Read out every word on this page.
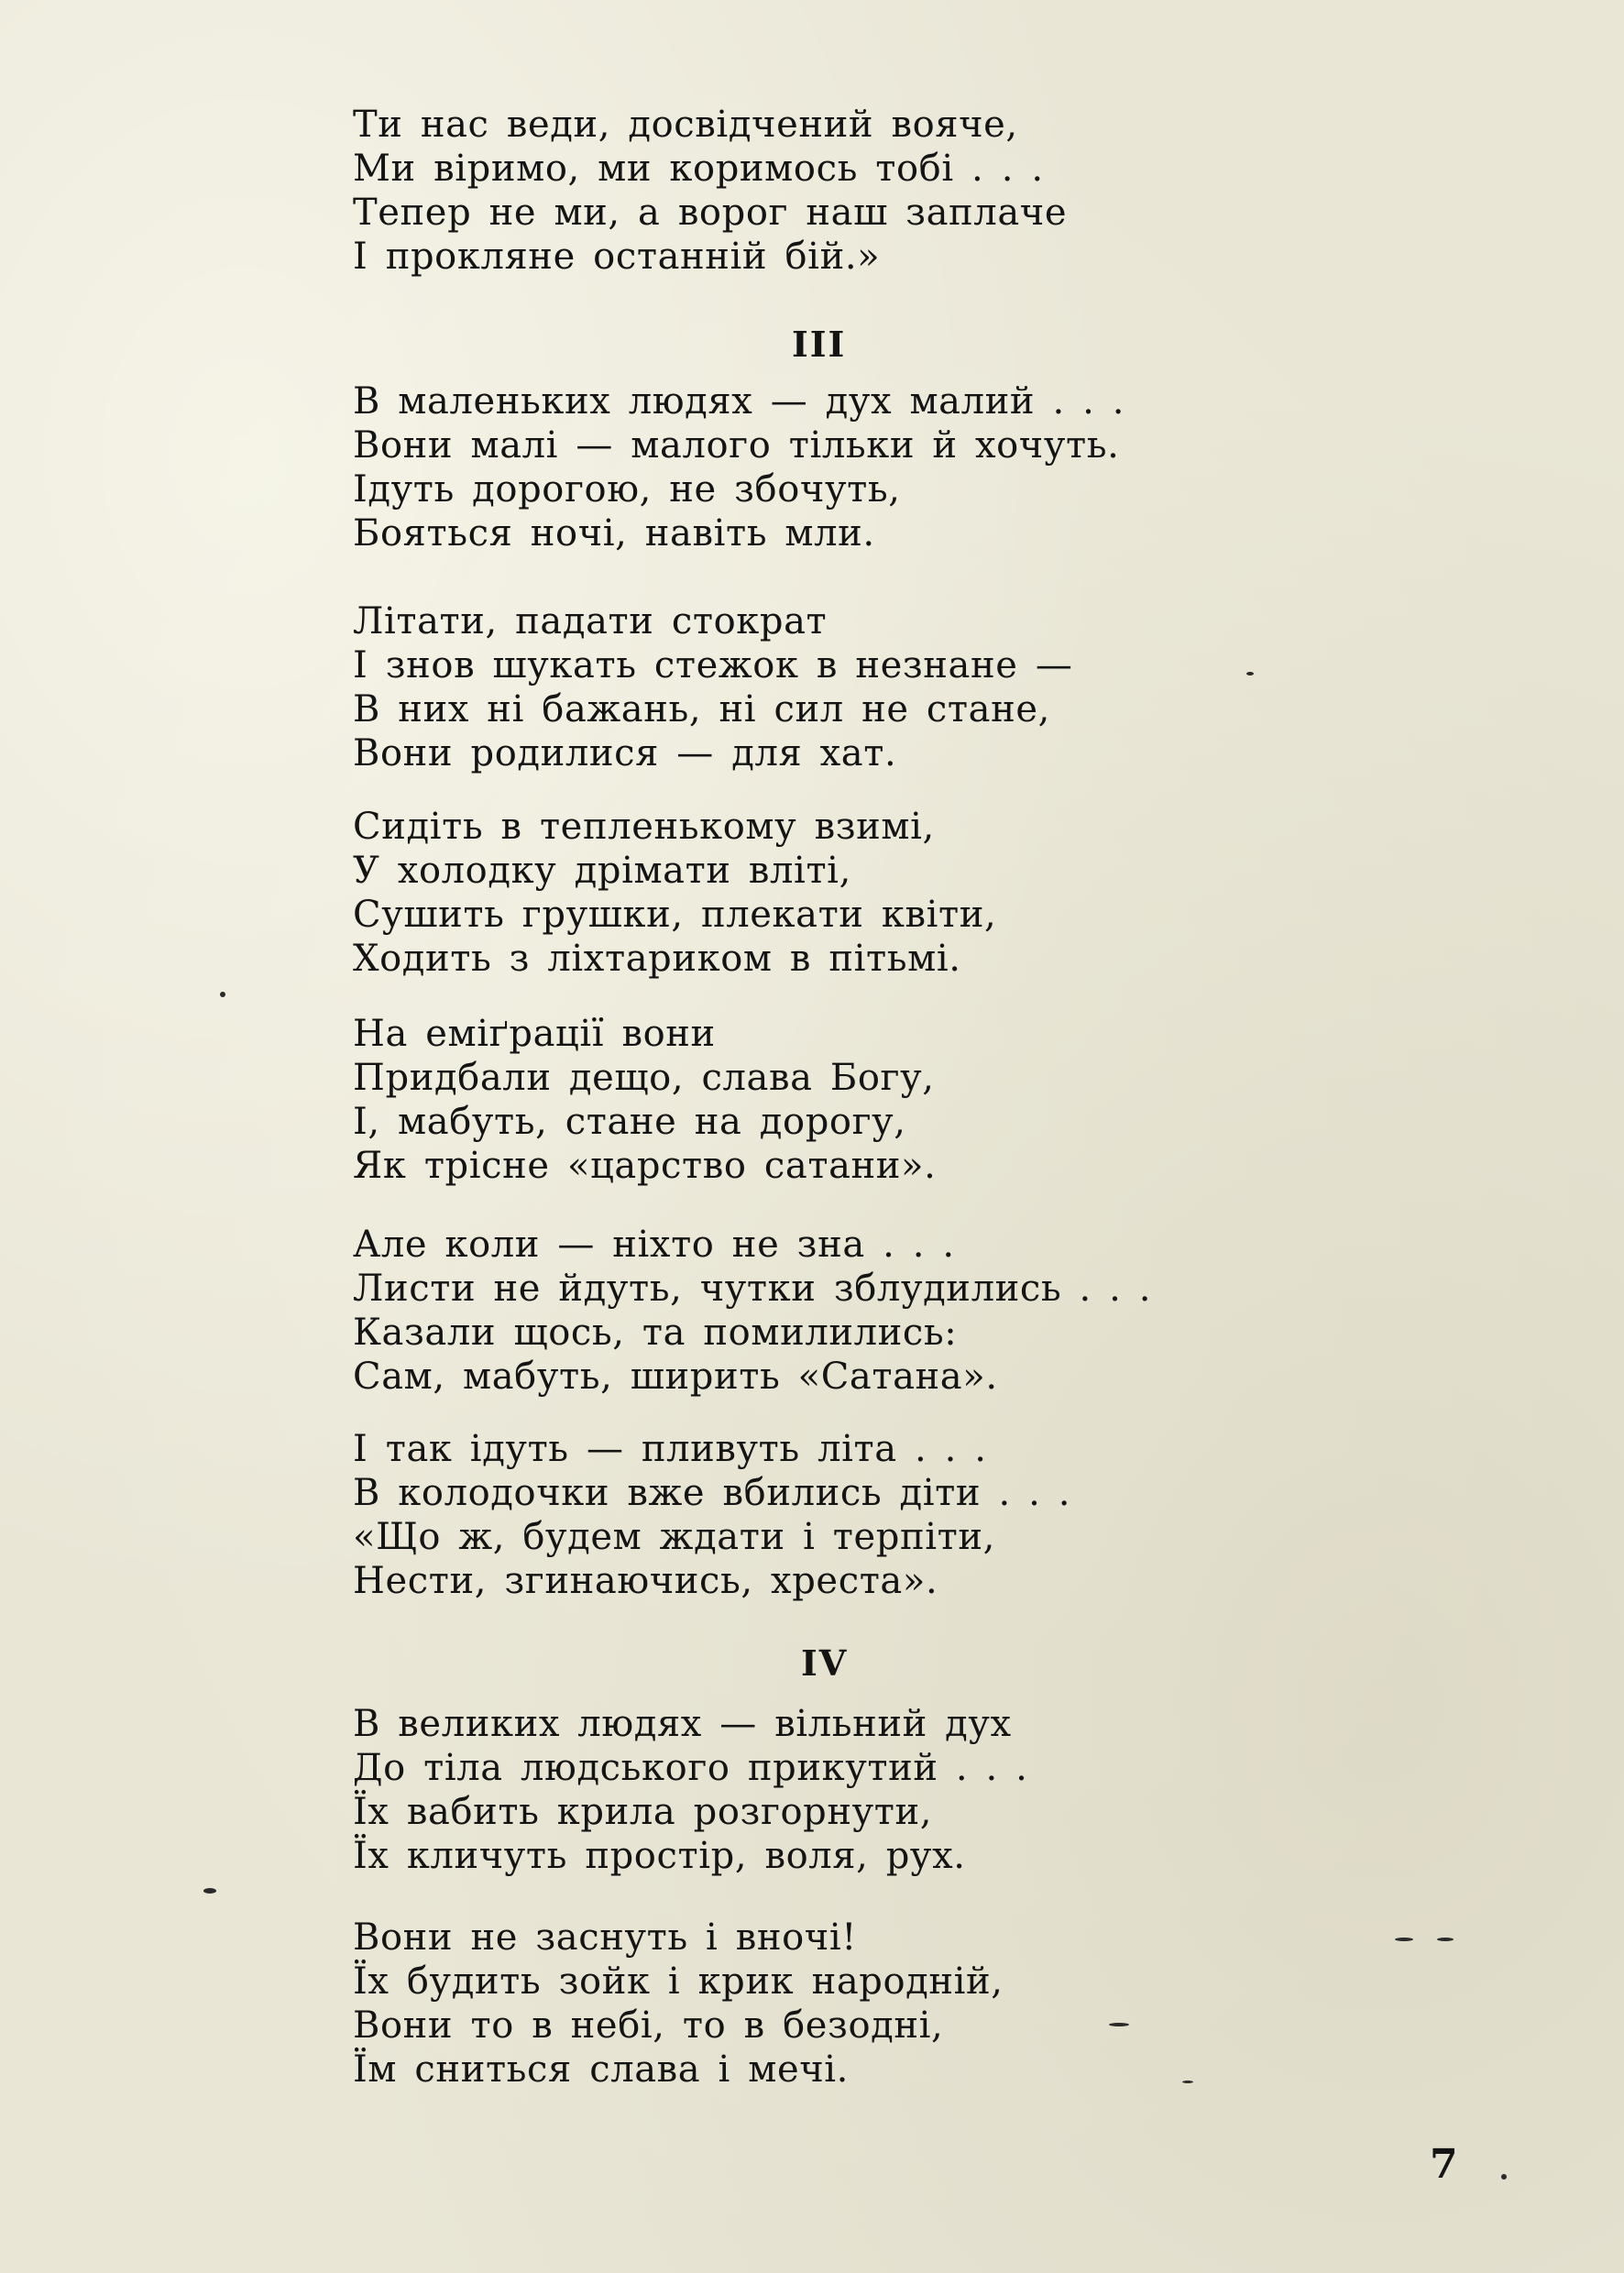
Ти нас веди, досвідчений вояче,
Ми віримо, ми коримось тобі . . .
Тепер не ми, а ворог наш заплаче
І прокляне останній бій.»
III
В маленьких людях — дух малий . . .
Вони малі — малого тільки й хочуть.
Ідуть дорогою, не збочуть,
Бояться ночі, навіть мли.
Літати, падати стократ
І знов шукать стежок в незнане —
В них ні бажань, ні сил не стане,
Вони родилися — для хат.
Сидіть в тепленькому взимі,
У холодку дрімати вліті,
Сушить грушки, плекати квіти,
Ходить з ліхтариком в пітьмі.
На еміґрації вони
Придбали дещо, слава Богу,
І, мабуть, стане на дорогу,
Як трісне «царство сатани».
Але коли — ніхто не зна . . .
Листи не йдуть, чутки зблудились . . .
Казали щось, та помилились:
Сам, мабуть, ширить «Сатана».
І так ідуть — пливуть літа . . .
В колодочки вже вбились діти . . .
«Що ж, будем ждати і терпіти,
Нести, згинаючись, хреста».
IV
В великих людях — вільний дух
До тіла людського прикутий . . .
Їх вабить крила розгорнути,
Їх кличуть простір, воля, рух.
Вони не заснуть і вночі!
Їх будить зойк і крик народній,
Вони то в небі, то в безодні,
Їм сниться слава і мечі.
7
